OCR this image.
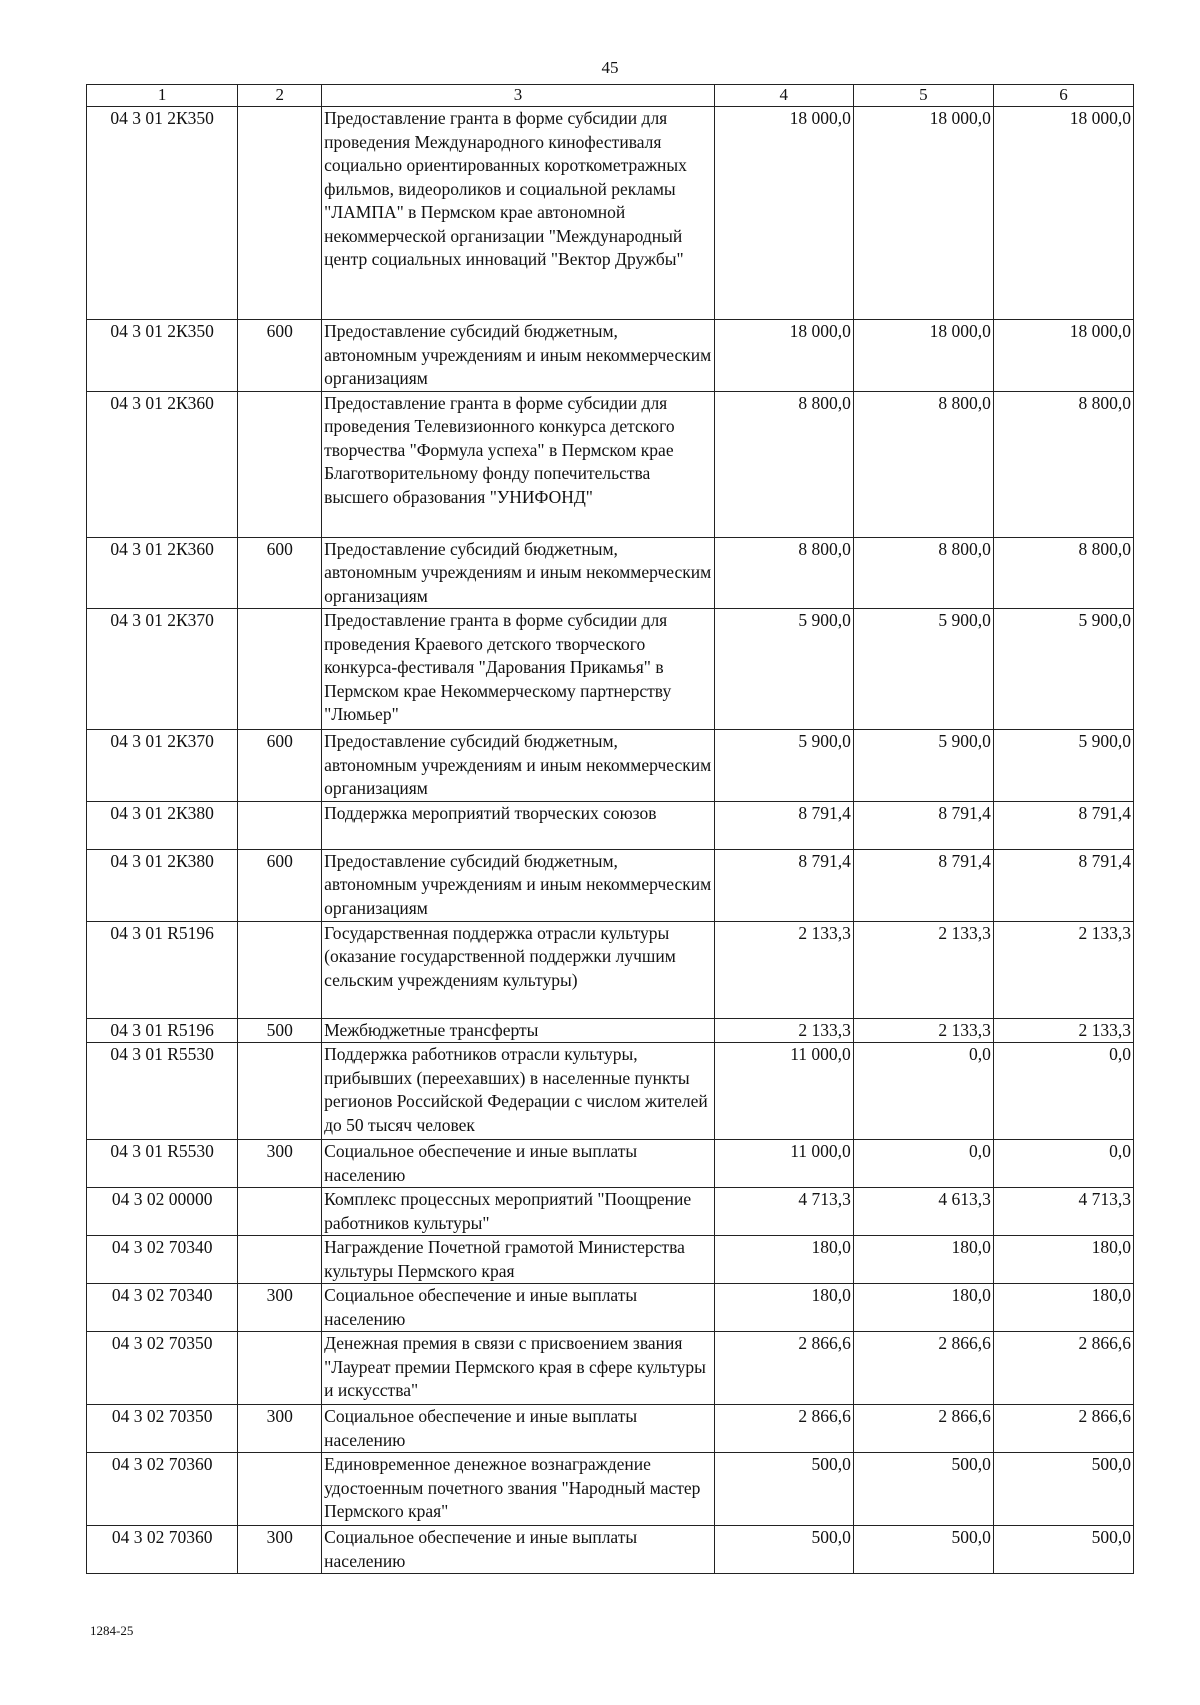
45
1	2	3	4	5	6
04 3 01 2К350		Предоставление гранта в форме субсидии для проведения Международного кинофестиваля социально ориентированных короткометражных фильмов, видеороликов и социальной рекламы "ЛАМПА" в Пермском крае автономной некоммерческой организации "Международный центр социальных инноваций "Вектор Дружбы"	18 000,0	18 000,0	18 000,0
04 3 01 2К350	600	Предоставление субсидий бюджетным, автономным учреждениям и иным некоммерческим организациям	18 000,0	18 000,0	18 000,0
04 3 01 2К360		Предоставление гранта в форме субсидии для проведения Телевизионного конкурса детского творчества "Формула успеха" в Пермском крае Благотворительному фонду попечительства высшего образования "УНИФОНД"	8 800,0	8 800,0	8 800,0
04 3 01 2К360	600	Предоставление субсидий бюджетным, автономным учреждениям и иным некоммерческим организациям	8 800,0	8 800,0	8 800,0
04 3 01 2К370		Предоставление гранта в форме субсидии для проведения Краевого детского творческого конкурса-фестиваля "Дарования Прикамья" в Пермском крае Некоммерческому партнерству "Люмьер"	5 900,0	5 900,0	5 900,0
04 3 01 2К370	600	Предоставление субсидий бюджетным, автономным учреждениям и иным некоммерческим организациям	5 900,0	5 900,0	5 900,0
04 3 01 2К380		Поддержка мероприятий творческих союзов	8 791,4	8 791,4	8 791,4
04 3 01 2К380	600	Предоставление субсидий бюджетным, автономным учреждениям и иным некоммерческим организациям	8 791,4	8 791,4	8 791,4
04 3 01 R5196		Государственная поддержка отрасли культуры (оказание государственной поддержки лучшим сельским учреждениям культуры)	2 133,3	2 133,3	2 133,3
04 3 01 R5196	500	Межбюджетные трансферты	2 133,3	2 133,3	2 133,3
04 3 01 R5530		Поддержка работников отрасли культуры, прибывших (переехавших) в населенные пункты регионов Российской Федерации с числом жителей до 50 тысяч человек	11 000,0	0,0	0,0
04 3 01 R5530	300	Социальное обеспечение и иные выплаты населению	11 000,0	0,0	0,0
04 3 02 00000		Комплекс процессных мероприятий "Поощрение работников культуры"	4 713,3	4 613,3	4 713,3
04 3 02 70340		Награждение Почетной грамотой Министерства культуры Пермского края	180,0	180,0	180,0
04 3 02 70340	300	Социальное обеспечение и иные выплаты населению	180,0	180,0	180,0
04 3 02 70350		Денежная премия в связи с присвоением звания "Лауреат премии Пермского края в сфере культуры и искусства"	2 866,6	2 866,6	2 866,6
04 3 02 70350	300	Социальное обеспечение и иные выплаты населению	2 866,6	2 866,6	2 866,6
04 3 02 70360		Единовременное денежное вознаграждение удостоенным почетного звания "Народный мастер Пермского края"	500,0	500,0	500,0
04 3 02 70360	300	Социальное обеспечение и иные выплаты населению	500,0	500,0	500,0
1284-25
